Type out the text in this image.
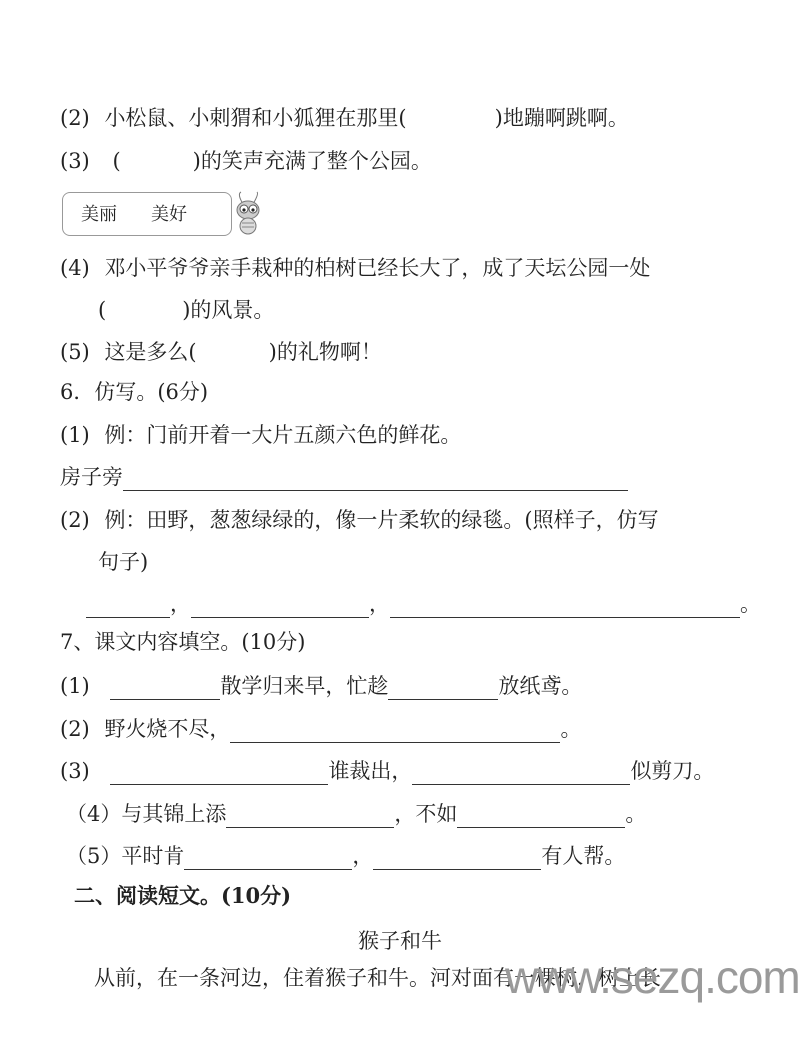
(2) 小松鼠、小刺猬和小狐狸在那里(	)地蹦啊跳啊。
(3) (	)的笑声充满了整个公园。
美丽 美好
(4) 邓小平爷爷亲手栽种的柏树已经长大了，成了天坛公园一处
(	)的风景。
(5) 这是多么(	)的礼物啊！
6．仿写。(6分)
(1) 例：门前开着一大片五颜六色的鲜花。
房子旁
(2) 例：田野，葱葱绿绿的，像一片柔软的绿毯。(照样子，仿写
句子)
，	，	。
7、课文内容填空。(10分)
(1)	散学归来早，忙趁	放纸鸢。
(2) 野火烧不尽，	。
(3)	谁裁出，	似剪刀。
（4）与其锦上添	，不如	。
（5）平时肯	，	有人帮。
二、阅读短文。(10分)
猴子和牛
从前，在一条河边，住着猴子和牛。河对面有一棵树，树上长
www.sezq.com
